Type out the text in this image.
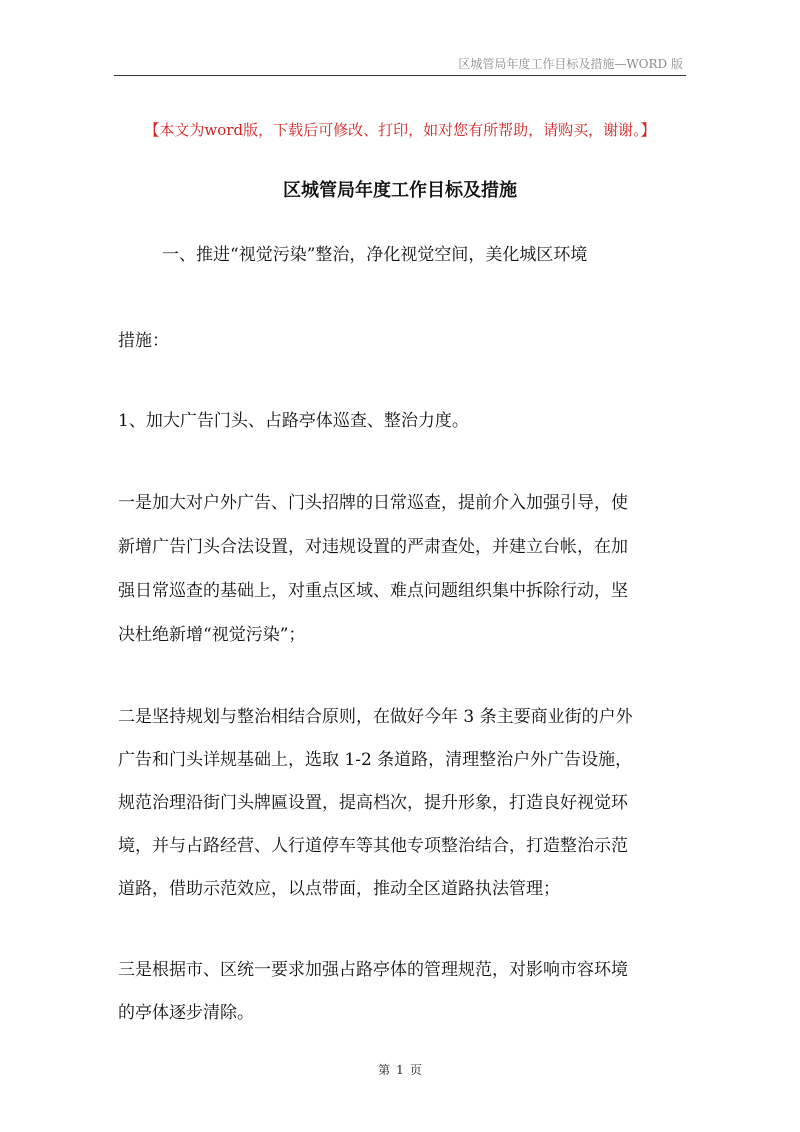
区城管局年度工作目标及措施—WORD 版
【本文为word版，下载后可修改、打印，如对您有所帮助，请购买，谢谢。】
区城管局年度工作目标及措施
一、推进“视觉污染”整治，净化视觉空间，美化城区环境
措施：
1、加大广告门头、占路亭体巡查、整治力度。
一是加大对户外广告、门头招牌的日常巡查，提前介入加强引导，使
新增广告门头合法设置，对违规设置的严肃查处，并建立台帐，在加
强日常巡查的基础上，对重点区域、难点问题组织集中拆除行动，坚
决杜绝新增“视觉污染”；
二是坚持规划与整治相结合原则，在做好今年 3 条主要商业街的户外
广告和门头详规基础上，选取 1-2 条道路，清理整治户外广告设施，
规范治理沿街门头牌匾设置，提高档次，提升形象，打造良好视觉环
境，并与占路经营、人行道停车等其他专项整治结合，打造整治示范
道路，借助示范效应，以点带面，推动全区道路执法管理；
三是根据市、区统一要求加强占路亭体的管理规范，对影响市容环境
的亭体逐步清除。
第 1 页
